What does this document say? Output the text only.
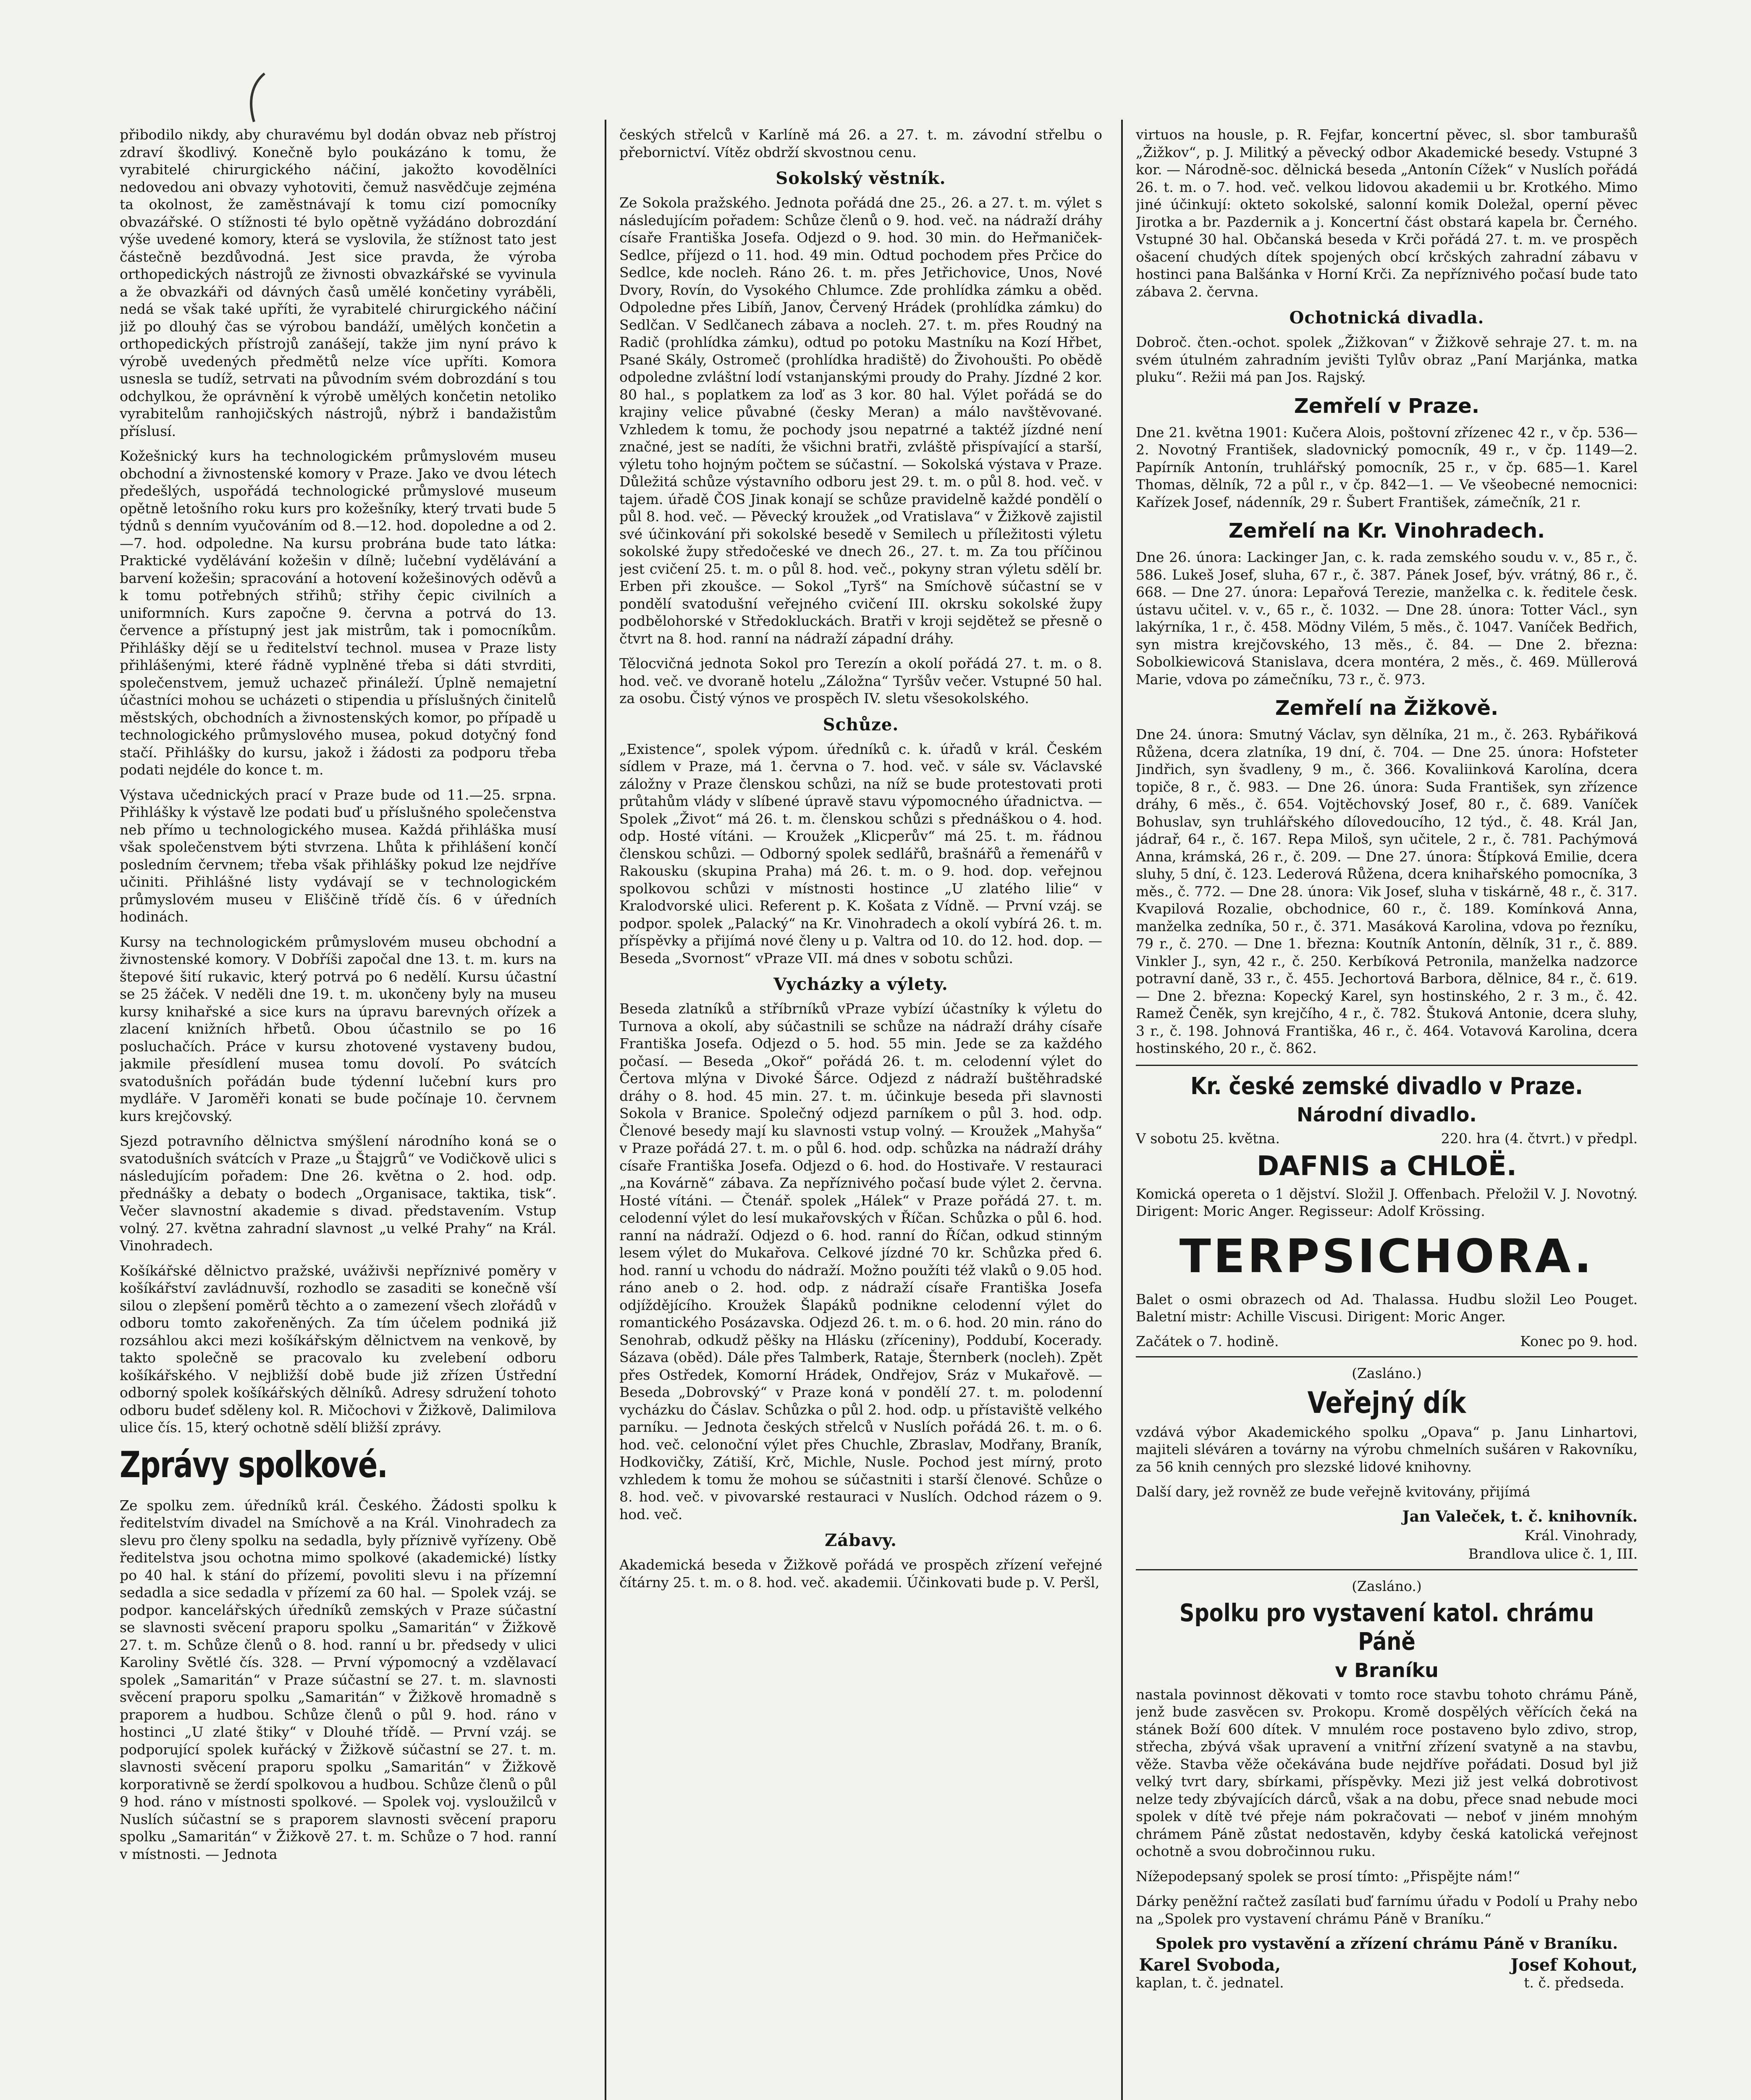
přibodilo nikdy, aby churavému byl dodán obvaz neb přístroj zdraví škodlivý. Konečně bylo poukázáno k tomu, že vyrabitelé chirurgického náčiní, jakožto kovodělníci nedovedou ani obvazy vyhotoviti, čemuž nasvědčuje zejména ta okolnost, že zaměstnávají k tomu cizí pomocníky obvazářské. O stížnosti té bylo opětně vyžádáno dobrozdání výše uvedené komory, která se vyslovila, že stížnost tato jest částečně bezdůvodná. Jest sice pravda, že výroba orthopedických nástrojů ze živnosti obvazkářské se vyvinula a že obvazkáři od dávných časů umělé končetiny vyráběli, nedá se však také upříti, že vyrabitelé chirurgického náčiní již po dlouhý čas se výrobou bandáží, umělých končetin a orthopedických přístrojů zanášejí, takže jim nyní právo k výrobě uvedených předmětů nelze více upříti. Komora usnesla se tudíž, setrvati na původním svém dobrozdání s tou odchylkou, že oprávnění k výrobě umělých končetin netoliko vyrabitelům ranhojičských nástrojů, nýbrž i bandažistům příslusí.

Kožešnický kurs ha technologickém průmyslovém museu obchodní a živnostenské komory v Praze. Jako ve dvou létech předešlých, uspořádá technologické průmyslové museum opětně letošního roku kurs pro kožešníky, který trvati bude 5 týdnů s denním vyučováním od 8.—12. hod. dopoledne a od 2.—7. hod. odpoledne. Na kursu probrána bude tato látka: Praktické vydělávání kožešin v dílně; lučební vydělávání a barvení kožešin; spracování a hotovení kožešinových oděvů a k tomu potřebných střihů; střihy čepic civilních a uniformních. Kurs započne 9. června a potrvá do 13. července a přístupný jest jak mistrům, tak i pomocníkům. Přihlášky dějí se u ředitelství technol. musea v Praze listy přihlášenými, které řádně vyplněné třeba si dáti stvrditi, společenstvem, jemuž uchazeč přináleží. Úplně nemajetní účastníci mohou se ucházeti o stipendia u příslušných činitelů městských, obchodních a živnostenských komor, po případě u technologického průmyslového musea, pokud dotyčný fond stačí. Přihlášky do kursu, jakož i žádosti za podporu třeba podati nejdéle do konce t. m.

Výstava učednických prací v Praze bude od 11.—25. srpna. Přihlášky k výstavě lze podati buď u příslušného společenstva neb přímo u technologického musea. Každá přihláška musí však společenstvem býti stvrzena. Lhůta k přihlášení končí posledním červnem; třeba však přihlášky pokud lze nejdříve učiniti. Přihlášné listy vydávají se v technologickém průmyslovém museu v Eliščině třídě čís. 6 v úředních hodinách.

Kursy na technologickém průmyslovém museu obchodní a živnostenské komory. V Dobříši započal dne 13. t. m. kurs na štepové šití rukavic, který potrvá po 6 nedělí. Kursu účastní se 25 žáček. V neděli dne 19. t. m. ukončeny byly na museu kursy knihařské a sice kurs na úpravu barevných ořízek a zlacení knižních hřbetů. Obou účastnilo se po 16 posluchačích. Práce v kursu zhotovené vystaveny budou, jakmile přesídlení musea tomu dovolí. Po svátcích svatodušních pořádán bude týdenní lučební kurs pro mydláře. V Jaroměři konati se bude počínaje 10. červnem kurs krejčovský.

Sjezd potravního dělnictva smýšlení národního koná se o svatodušních svátcích v Praze „u Štajgrů“ ve Vodičkově ulici s následujícím pořadem: Dne 26. května o 2. hod. odp. přednášky a debaty o bodech „Organisace, taktika, tisk“. Večer slavnostní akademie s divad. představením. Vstup volný. 27. května zahradní slavnost „u velké Prahy“ na Král. Vinohradech.

Košíkářské dělnictvo pražské, uváživši nepříznivé poměry v košíkářství zavládnuvší, rozhodlo se zasaditi se konečně vší silou o zlepšení poměrů těchto a o zamezení všech zlořádů v odboru tomto zakořeněných. Za tím účelem podniká již rozsáhlou akci mezi košíkářským dělnictvem na venkově, by takto společně se pracovalo ku zvelebení odboru košíkářského. V nejbližší době bude již zřízen Ústřední odborný spolek košíkářských dělníků. Adresy sdružení tohoto odboru budeť sděleny kol. R. Mičochovi v Žižkově, Dalimilova ulice čís. 15, který ochotně sdělí bližší zprávy.

Zprávy spolkové.

Ze spolku zem. úředníků král. Českého. Žádosti spolku k ředitelstvím divadel na Smíchově a na Král. Vinohradech za slevu pro členy spolku na sedadla, byly příznivě vyřízeny. Obě ředitelstva jsou ochotna mimo spolkové (akademické) lístky po 40 hal. k stání do přízemí, povoliti slevu i na přízemní sedadla a sice sedadla v přízemí za 60 hal. — Spolek vzáj. se podpor. kancelářských úředníků zemských v Praze súčastní se slavnosti svěcení praporu spolku „Samaritán“ v Žižkově 27. t. m. Schůze členů o 8. hod. ranní u br. předsedy v ulici Karoliny Světlé čís. 328. — První výpomocný a vzdělavací spolek „Samaritán“ v Praze súčastní se 27. t. m. slavnosti svěcení praporu spolku „Samaritán“ v Žižkově hromadně s praporem a hudbou. Schůze členů o půl 9. hod. ráno v hostinci „U zlaté štiky“ v Dlouhé třídě. — První vzáj. se podporující spolek kuřácký v Žižkově súčastní se 27. t. m. slavnosti svěcení praporu spolku „Samaritán“ v Žižkově korporativně se žerdí spolkovou a hudbou. Schůze členů o půl 9 hod. ráno v místnosti spolkové. — Spolek voj. vysloužilců v Nuslích súčastní se s praporem slavnosti svěcení praporu spolku „Samaritán“ v Žižkově 27. t. m. Schůze o 7 hod. ranní v místnosti. — Jednota

českých střelců v Karlíně má 26. a 27. t. m. závodní střelbu o přebornictví. Vítěz obdrží skvostnou cenu.

Sokolský věstník.

Ze Sokola pražského. Jednota pořádá dne 25., 26. a 27. t. m. výlet s následujícím pořadem: Schůze členů o 9. hod. več. na nádraží dráhy císaře Františka Josefa. Odjezd o 9. hod. 30 min. do Heřmaniček-Sedlce, příjezd o 11. hod. 49 min. Odtud pochodem přes Prčice do Sedlce, kde nocleh. Ráno 26. t. m. přes Jetřichovice, Unos, Nové Dvory, Rovín, do Vysokého Chlumce. Zde prohlídka zámku a oběd. Odpoledne přes Libíň, Janov, Červený Hrádek (prohlídka zámku) do Sedlčan. V Sedlčanech zábava a nocleh. 27. t. m. přes Roudný na Radič (prohlídka zámku), odtud po potoku Mastníku na Kozí Hřbet, Psané Skály, Ostromeč (prohlídka hradiště) do Živohoušti. Po obědě odpoledne zvláštní lodí vstanjanskými proudy do Prahy. Jízdné 2 kor. 80 hal., s poplatkem za loď as 3 kor. 80 hal. Výlet pořádá se do krajiny velice půvabné (česky Meran) a málo navštěvované. Vzhledem k tomu, že pochody jsou nepatrné a taktéž jízdné není značné, jest se nadíti, že všichni bratři, zvláště přispívající a starší, výletu toho hojným počtem se súčastní. — Sokolská výstava v Praze. Důležitá schůze výstavního odboru jest 29. t. m. o půl 8. hod. več. v tajem. úřadě ČOS Jinak konají se schůze pravidelně každé pondělí o půl 8. hod. več. — Pěvecký kroužek „od Vratislava“ v Žižkově zajistil své účinkování při sokolské besedě v Semilech u příležitosti výletu sokolské župy středočeské ve dnech 26., 27. t. m. Za tou příčinou jest cvičení 25. t. m. o půl 8. hod. več., pokyny stran výletu sdělí br. Erben při zkoušce. — Sokol „Tyrš“ na Smíchově súčastní se v pondělí svatodušní veřejného cvičení III. okrsku sokolské župy podbělohorské v Středokluckách. Bratři v kroji sejdětež se přesně o čtvrt na 8. hod. ranní na nádraží západní dráhy.

Tělocvičná jednota Sokol pro Terezín a okolí pořádá 27. t. m. o 8. hod. več. ve dvoraně hotelu „Záložna“ Tyršův večer. Vstupné 50 hal. za osobu. Čistý výnos ve prospěch IV. sletu všesokolského.

Schůze.

„Existence“, spolek výpom. úředníků c. k. úřadů v král. Českém sídlem v Praze, má 1. června o 7. hod. več. v sále sv. Václavské záložny v Praze členskou schůzi, na níž se bude protestovati proti průtahům vlády v slíbené úpravě stavu výpomocného úřadnictva. — Spolek „Život“ má 26. t. m. členskou schůzi s přednáškou o 4. hod. odp. Hosté vítáni. — Kroužek „Klicperův“ má 25. t. m. řádnou členskou schůzi. — Odborný spolek sedlářů, brašnářů a řemenářů v Rakousku (skupina Praha) má 26. t. m. o 9. hod. dop. veřejnou spolkovou schůzi v místnosti hostince „U zlatého lilie“ v Kralodvorské ulici. Referent p. K. Košata z Vídně. — První vzáj. se podpor. spolek „Palacký“ na Kr. Vinohradech a okolí vybírá 26. t. m. příspěvky a přijímá nové členy u p. Valtra od 10. do 12. hod. dop. — Beseda „Svornost“ vPraze VII. má dnes v sobotu schůzi.

Vycházky a výlety.

Beseda zlatníků a stříbrníků vPraze vybízí účastníky k výletu do Turnova a okolí, aby súčastnili se schůze na nádraží dráhy císaře Františka Josefa. Odjezd o 5. hod. 55 min. Jede se za každého počasí. — Beseda „Okoř“ pořádá 26. t. m. celodenní výlet do Čertova mlýna v Divoké Šárce. Odjezd z nádraží buštěhradské dráhy o 8. hod. 45 min. 27. t. m. účinkuje beseda při slavnosti Sokola v Branice. Společný odjezd parníkem o půl 3. hod. odp. Členové besedy mají ku slavnosti vstup volný. — Kroužek „Mahyša“ v Praze pořádá 27. t. m. o půl 6. hod. odp. schůzka na nádraží dráhy císaře Františka Josefa. Odjezd o 6. hod. do Hostivaře. V restauraci „na Kovárně“ zábava. Za nepříznivého počasí bude výlet 2. června. Hosté vítáni. — Čtenář. spolek „Hálek“ v Praze pořádá 27. t. m. celodenní výlet do lesí mukařovských v Říčan. Schůzka o půl 6. hod. ranní na nádraží. Odjezd o 6. hod. ranní do Říčan, odkud stinným lesem výlet do Mukařova. Celkové jízdné 70 kr. Schůzka před 6. hod. ranní u vchodu do nádraží. Možno použíti též vlaků o 9.05 hod. ráno aneb o 2. hod. odp. z nádraží císaře Františka Josefa odjíždějícího. Kroužek Šlapáků podnikne celodenní výlet do romantického Posázavska. Odjezd 26. t. m. o 6. hod. 20 min. ráno do Senohrab, odkudž pěšky na Hlásku (zříceniny), Poddubí, Kocerady. Sázava (oběd). Dále přes Talmberk, Rataje, Šternberk (nocleh). Zpět přes Ostředek, Komorní Hrádek, Ondřejov, Sráz v Mukařově. — Beseda „Dobrovský“ v Praze koná v pondělí 27. t. m. polodenní vycházku do Čáslav. Schůzka o půl 2. hod. odp. u přístaviště velkého parníku. — Jednota českých střelců v Nuslích pořádá 26. t. m. o 6. hod. več. celonoční výlet přes Chuchle, Zbraslav, Modřany, Braník, Hodkovičky, Zátiší, Krč, Michle, Nusle. Pochod jest mírný, proto vzhledem k tomu že mohou se súčastniti i starší členové. Schůze o 8. hod. več. v pivovarské restauraci v Nuslích. Odchod rázem o 9. hod. več.

Zábavy.

Akademická beseda v Žižkově pořádá ve prospěch zřízení veřejné čítárny 25. t. m. o 8. hod. več. akademii. Účinkovati bude p. V. Peršl,

virtuos na housle, p. R. Fejfar, koncertní pěvec, sl. sbor tamburašů „Žižkov“, p. J. Militký a pěvecký odbor Akademické besedy. Vstupné 3 kor. — Národně-soc. dělnická beseda „Antonín Cížek“ v Nuslích pořádá 26. t. m. o 7. hod. več. velkou lidovou akademii u br. Krotkého. Mimo jiné účinkují: okteto sokolské, salonní komik Doležal, operní pěvec Jirotka a br. Pazdernik a j. Koncertní část obstará kapela br. Černého. Vstupné 30 hal. Občanská beseda v Krči pořádá 27. t. m. ve prospěch ošacení chudých dítek spojených obcí krčských zahradní zábavu v hostinci pana Balšánka v Horní Krči. Za nepříznivého počasí bude tato zábava 2. června.

Ochotnická divadla.

Dobroč. čten.-ochot. spolek „Žižkovan“ v Žižkově sehraje 27. t. m. na svém útulném zahradním jevišti Tylův obraz „Paní Marjánka, matka pluku“. Režii má pan Jos. Rajský.

Zemřelí v Praze.

Dne 21. května 1901: Kučera Alois, poštovní zřízenec 42 r., v čp. 536—2. Novotný František, sladovnický pomocník, 49 r., v čp. 1149—2. Papírník Antonín, truhlářský pomocník, 25 r., v čp. 685—1. Karel Thomas, dělník, 72 a půl r., v čp. 842—1. — Ve všeobecné nemocnici: Kařízek Josef, nádenník, 29 r. Šubert František, zámečník, 21 r.

Zemřelí na Kr. Vinohradech.

Dne 26. února: Lackinger Jan, c. k. rada zemského soudu v. v., 85 r., č. 586. Lukeš Josef, sluha, 67 r., č. 387. Pánek Josef, býv. vrátný, 86 r., č. 668. — Dne 27. února: Lepařová Terezie, manželka c. k. ředitele česk. ústavu učitel. v. v., 65 r., č. 1032. — Dne 28. února: Totter Václ., syn lakýrníka, 1 r., č. 458. Mödny Vilém, 5 měs., č. 1047. Vaníček Bedřich, syn mistra krejčovského, 13 měs., č. 84. — Dne 2. března: Sobolkiewicová Stanislava, dcera montéra, 2 měs., č. 469. Müllerová Marie, vdova po zámečníku, 73 r., č. 973.

Zemřelí na Žižkově.

Dne 24. února: Smutný Václav, syn dělníka, 21 m., č. 263. Rybářiková Růžena, dcera zlatníka, 19 dní, č. 704. — Dne 25. února: Hofsteter Jindřich, syn švadleny, 9 m., č. 366. Kovaliinková Karolína, dcera topiče, 8 r., č. 983. — Dne 26. února: Suda František, syn zřízence dráhy, 6 měs., č. 654. Vojtěchovský Josef, 80 r., č. 689. Vaníček Bohuslav, syn truhlářského dílovedoucího, 12 týd., č. 48. Král Jan, jádrař, 64 r., č. 167. Repa Miloš, syn učitele, 2 r., č. 781. Pachýmová Anna, krámská, 26 r., č. 209. — Dne 27. února: Štípková Emilie, dcera sluhy, 5 dní, č. 123. Lederová Růžena, dcera knihařského pomocníka, 3 měs., č. 772. — Dne 28. února: Vik Josef, sluha v tiskárně, 48 r., č. 317. Kvapilová Rozalie, obchodnice, 60 r., č. 189. Komínková Anna, manželka zedníka, 50 r., č. 371. Masáková Karolina, vdova po řezníku, 79 r., č. 270. — Dne 1. března: Koutník Antonín, dělník, 31 r., č. 889. Vinkler J., syn, 42 r., č. 250. Kerbíková Petronila, manželka nadzorce potravní daně, 33 r., č. 455. Jechortová Barbora, dělnice, 84 r., č. 619. — Dne 2. března: Kopecký Karel, syn hostinského, 2 r. 3 m., č. 42. Ramež Čeněk, syn krejčího, 4 r., č. 782. Štuková Antonie, dcera sluhy, 3 r., č. 198. Johnová Františka, 46 r., č. 464. Votavová Karolina, dcera hostinského, 20 r., č. 862.

Kr. české zemské divadlo v Praze.
Národní divadlo.
V sobotu 25. května.	220. hra (4. čtvrt.) v předpl.
DAFNIS a CHLOË.

Komická opereta o 1 dějství. Složil J. Offenbach. Přeložil V. J. Novotný. Dirigent: Moric Anger. Regisseur: Adolf Krössing.

TERPSICHORA.

Balet o osmi obrazech od Ad. Thalassa. Hudbu složil Leo Pouget. Baletní mistr: Achille Viscusi. Dirigent: Moric Anger.

Začátek o 7. hodině.	Konec po 9. hod.
(Zasláno.)
Veřejný dík

vzdává výbor Akademického spolku „Opava“ p. Janu Linhartovi, majiteli sléváren a továrny na výrobu chmelních sušáren v Rakovníku, za 56 knih cenných pro slezské lidové knihovny.

Další dary, jež rovněž ze bude veřejně kvitovány, přijímá

Jan Valeček, t. č. knihovník.
Král. Vinohrady,
Brandlova ulice č. 1, III.
(Zasláno.)
Spolku pro vystavení katol. chrámu Páně
v Braníku

nastala povinnost děkovati v tomto roce stavbu tohoto chrámu Páně, jenž bude zasvěcen sv. Prokopu. Kromě dospělých věřících čeká na stánek Boží 600 dítek. V mnulém roce postaveno bylo zdivo, strop, střecha, zbývá však upravení a vnitřní zřízení svatyně a na stavbu, věže. Stavba věže očekávána bude nejdříve pořádati. Dosud byl již velký tvrt dary, sbírkami, příspěvky. Mezi již jest velká dobrotivost nelze tedy zbývajících dárců, však a na dobu, přece snad nebude moci spolek v dítě tvé přeje nám pokračovati — neboť v jiném mnohým chrámem Páně zůstat nedostavěn, kdyby česká katolická veřejnost ochotně a svou dobročinnou ruku.

Nížepodepsaný spolek se prosí tímto: „Přispějte nám!“

Dárky peněžní račtež zasílati buď farnímu úřadu v Podolí u Prahy nebo na „Spolek pro vystavení chrámu Páně v Braníku.“

Spolek pro vystavění a zřízení chrámu Páně v Braníku.
Karel Svoboda,
kaplan, t. č. jednatel.
Josef Kohout,
t. č. předseda.
